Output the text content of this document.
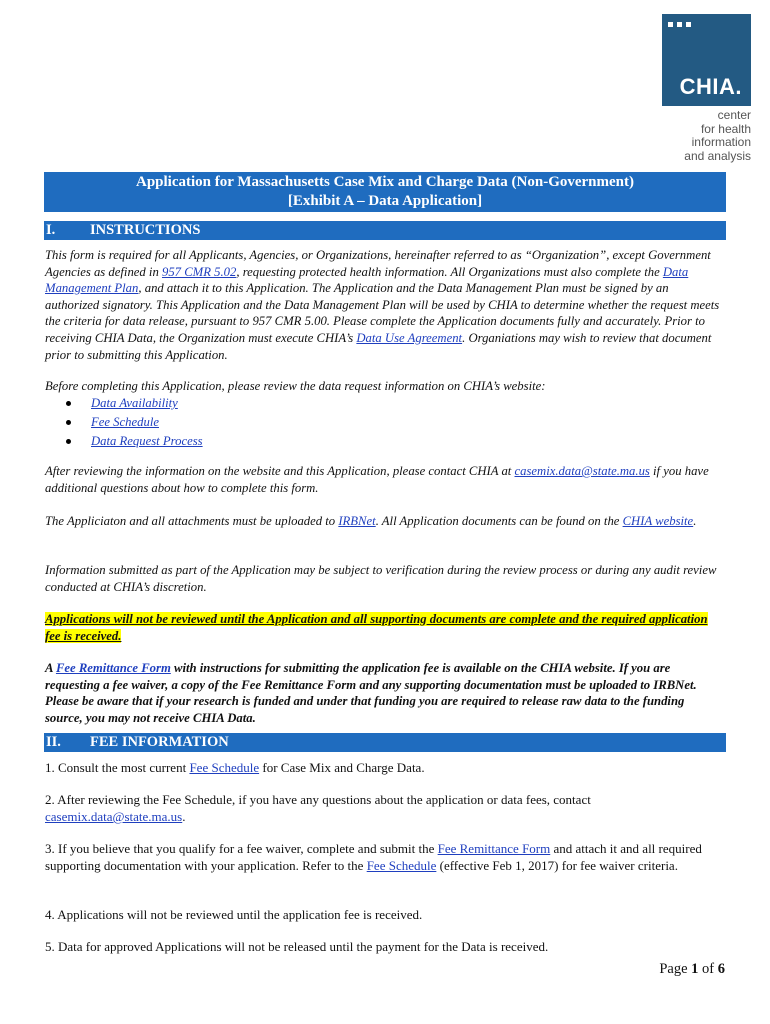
CHIA.
center
for health
information
and analysis
Application for Massachusetts Case Mix and Charge Data (Non-Government)
[Exhibit A – Data Application]
I. INSTRUCTIONS

This form is required for all Applicants, Agencies, or Organizations, hereinafter referred to as “Organization”, except Government Agencies as defined in 957 CMR 5.02, requesting protected health information. All Organizations must also complete the Data Management Plan, and attach it to this Application. The Application and the Data Management Plan must be signed by an authorized signatory. This Application and the Data Management Plan will be used by CHIA to determine whether the request meets the criteria for data release, pursuant to 957 CMR 5.00. Please complete the Application documents fully and accurately. Prior to receiving CHIA Data, the Organization must execute CHIA’s Data Use Agreement. Organiations may wish to review that document prior to submitting this Application.

Before completing this Application, please review the data request information on CHIA’s website:

Data Availability
Fee Schedule
Data Request Process

After reviewing the information on the website and this Application, please contact CHIA at casemix.data@state.ma.us if you have additional questions about how to complete this form.

The Appliciaton and all attachments must be uploaded to IRBNet. All Application documents can be found on the CHIA website.

Information submitted as part of the Application may be subject to verification during the review process or during any audit review conducted at CHIA’s discretion.

Applications will not be reviewed until the Application and all supporting documents are complete and the required application fee is received.

A Fee Remittance Form with instructions for submitting the application fee is available on the CHIA website. If you are requesting a fee waiver, a copy of the Fee Remittance Form and any supporting documentation must be uploaded to IRBNet. Please be aware that if your research is funded and under that funding you are required to release raw data to the funding source, you may not receive CHIA Data.

II. FEE INFORMATION

1. Consult the most current Fee Schedule for Case Mix and Charge Data.

2. After reviewing the Fee Schedule, if you have any questions about the application or data fees, contact casemix.data@state.ma.us.

3. If you believe that you qualify for a fee waiver, complete and submit the Fee Remittance Form and attach it and all required supporting documentation with your application. Refer to the Fee Schedule (effective Feb 1, 2017) for fee waiver criteria.

4. Applications will not be reviewed until the application fee is received.

5. Data for approved Applications will not be released until the payment for the Data is received.

Page 1 of 6
